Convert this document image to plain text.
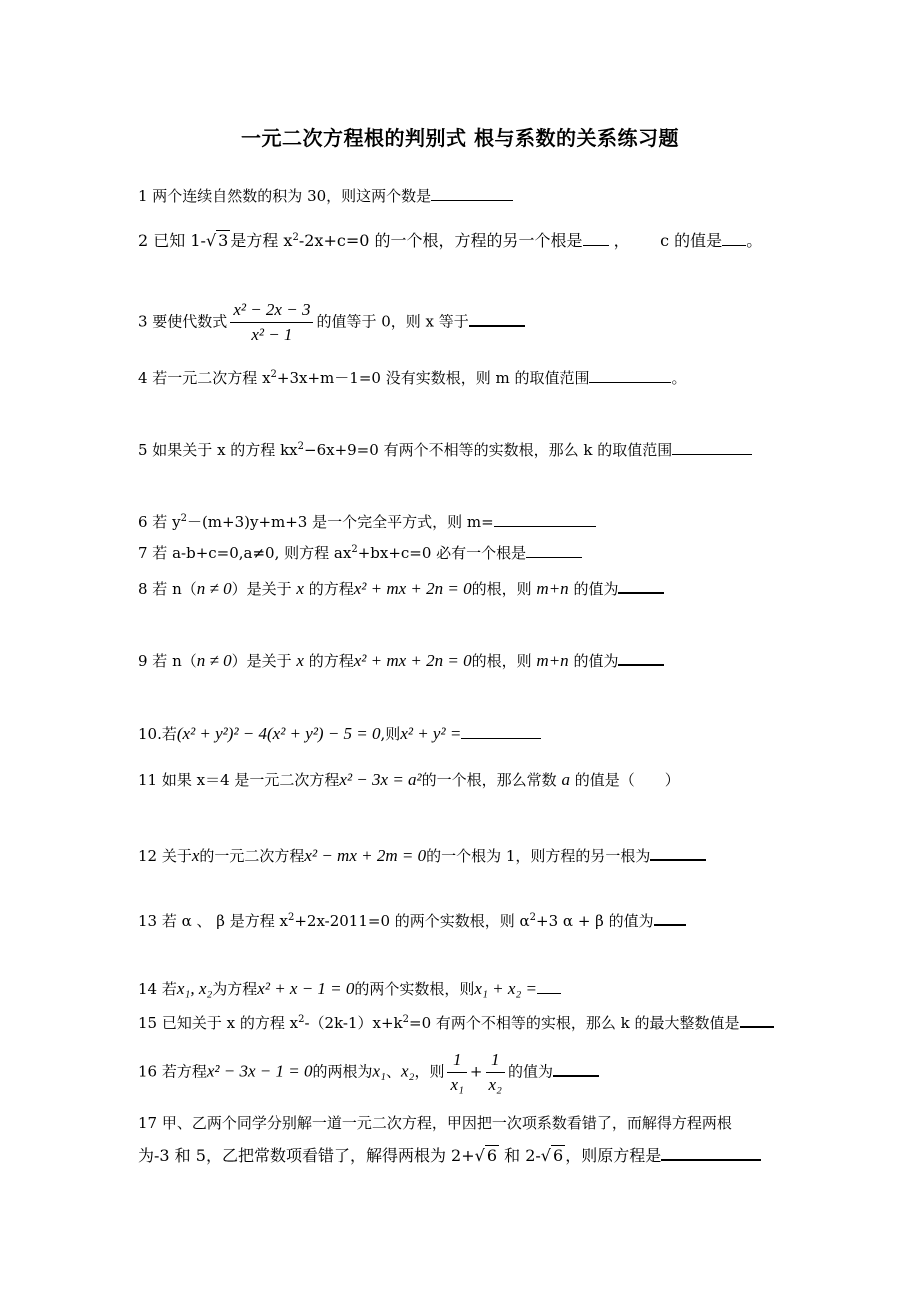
一元二次方程根的判别式 根与系数的关系练习题
1 两个连续自然数的积为 30，则这两个数是
2 已知 1-√ 3 是方程 $x^2-2x+c=0$ 的一个根，方程的另一个根是 ， c 的值是 。
3 要使代数式 $\frac{\text{x² − 2x − 3}}{\text{x² − 1}}$ 的值等于 0，则 x 等于
4 若一元二次方程 $x^2+3x+m-1=0$ 没有实数根，则 m 的取值范围	。
5 如果关于 x 的方程 $kx^2-6x+9=0$ 有两个不相等的实数根，那么 k 的取值范围
6 若 $y^2-(m+3)y+m+3$ 是一个完全平方式，则 m=
7 若 a-b+c=0,a≠0, 则方程 $ax^2+bx+c=0$ 必有一个根是
8 若 n（n ≠ 0）是关于 x 的方程x² + mx + 2n = 0的根，则 m+n 的值为
9 若 n（n ≠ 0）是关于 x 的方程x² + mx + 2n = 0的根，则 m+n 的值为
10.若(x² + y²)² − 4(x² + y²) − 5 = 0,则x² + y² =
11 如果 x＝4 是一元二次方程x² − 3x = a²的一个根，那么常数 a 的值是（　　）
12 关于x的一元二次方程x² − mx + 2m = 0的一个根为 1，则方程的另一根为
13 若 α 、 β 是方程 $x^2+2x-2011=0$ 的两个实数根，则 $\alpha^2+3$ α + β 的值为
14 若x₁, x₂为方程x² + x − 1 = 0的两个实数根，则x₁ + x₂ =
15 已知关于 x 的方程 $x^2-(2k-1)x+k^2=0$ 有两个不相等的实根，那么 k 的最大整数值是
16 若方程x² − 3x − 1 = 0的两根为x₁、x₂，则 $\frac{1}{\text{x₁}} + \frac{1}{\text{x₂}}$ 的值为
17 甲、乙两个同学分别解一道一元二次方程，甲因把一次项系数看错了，而解得方程两根
为-3 和 5，乙把常数项看错了，解得两根为 2+√ 6 和 2-√ 6 ，则原方程是
